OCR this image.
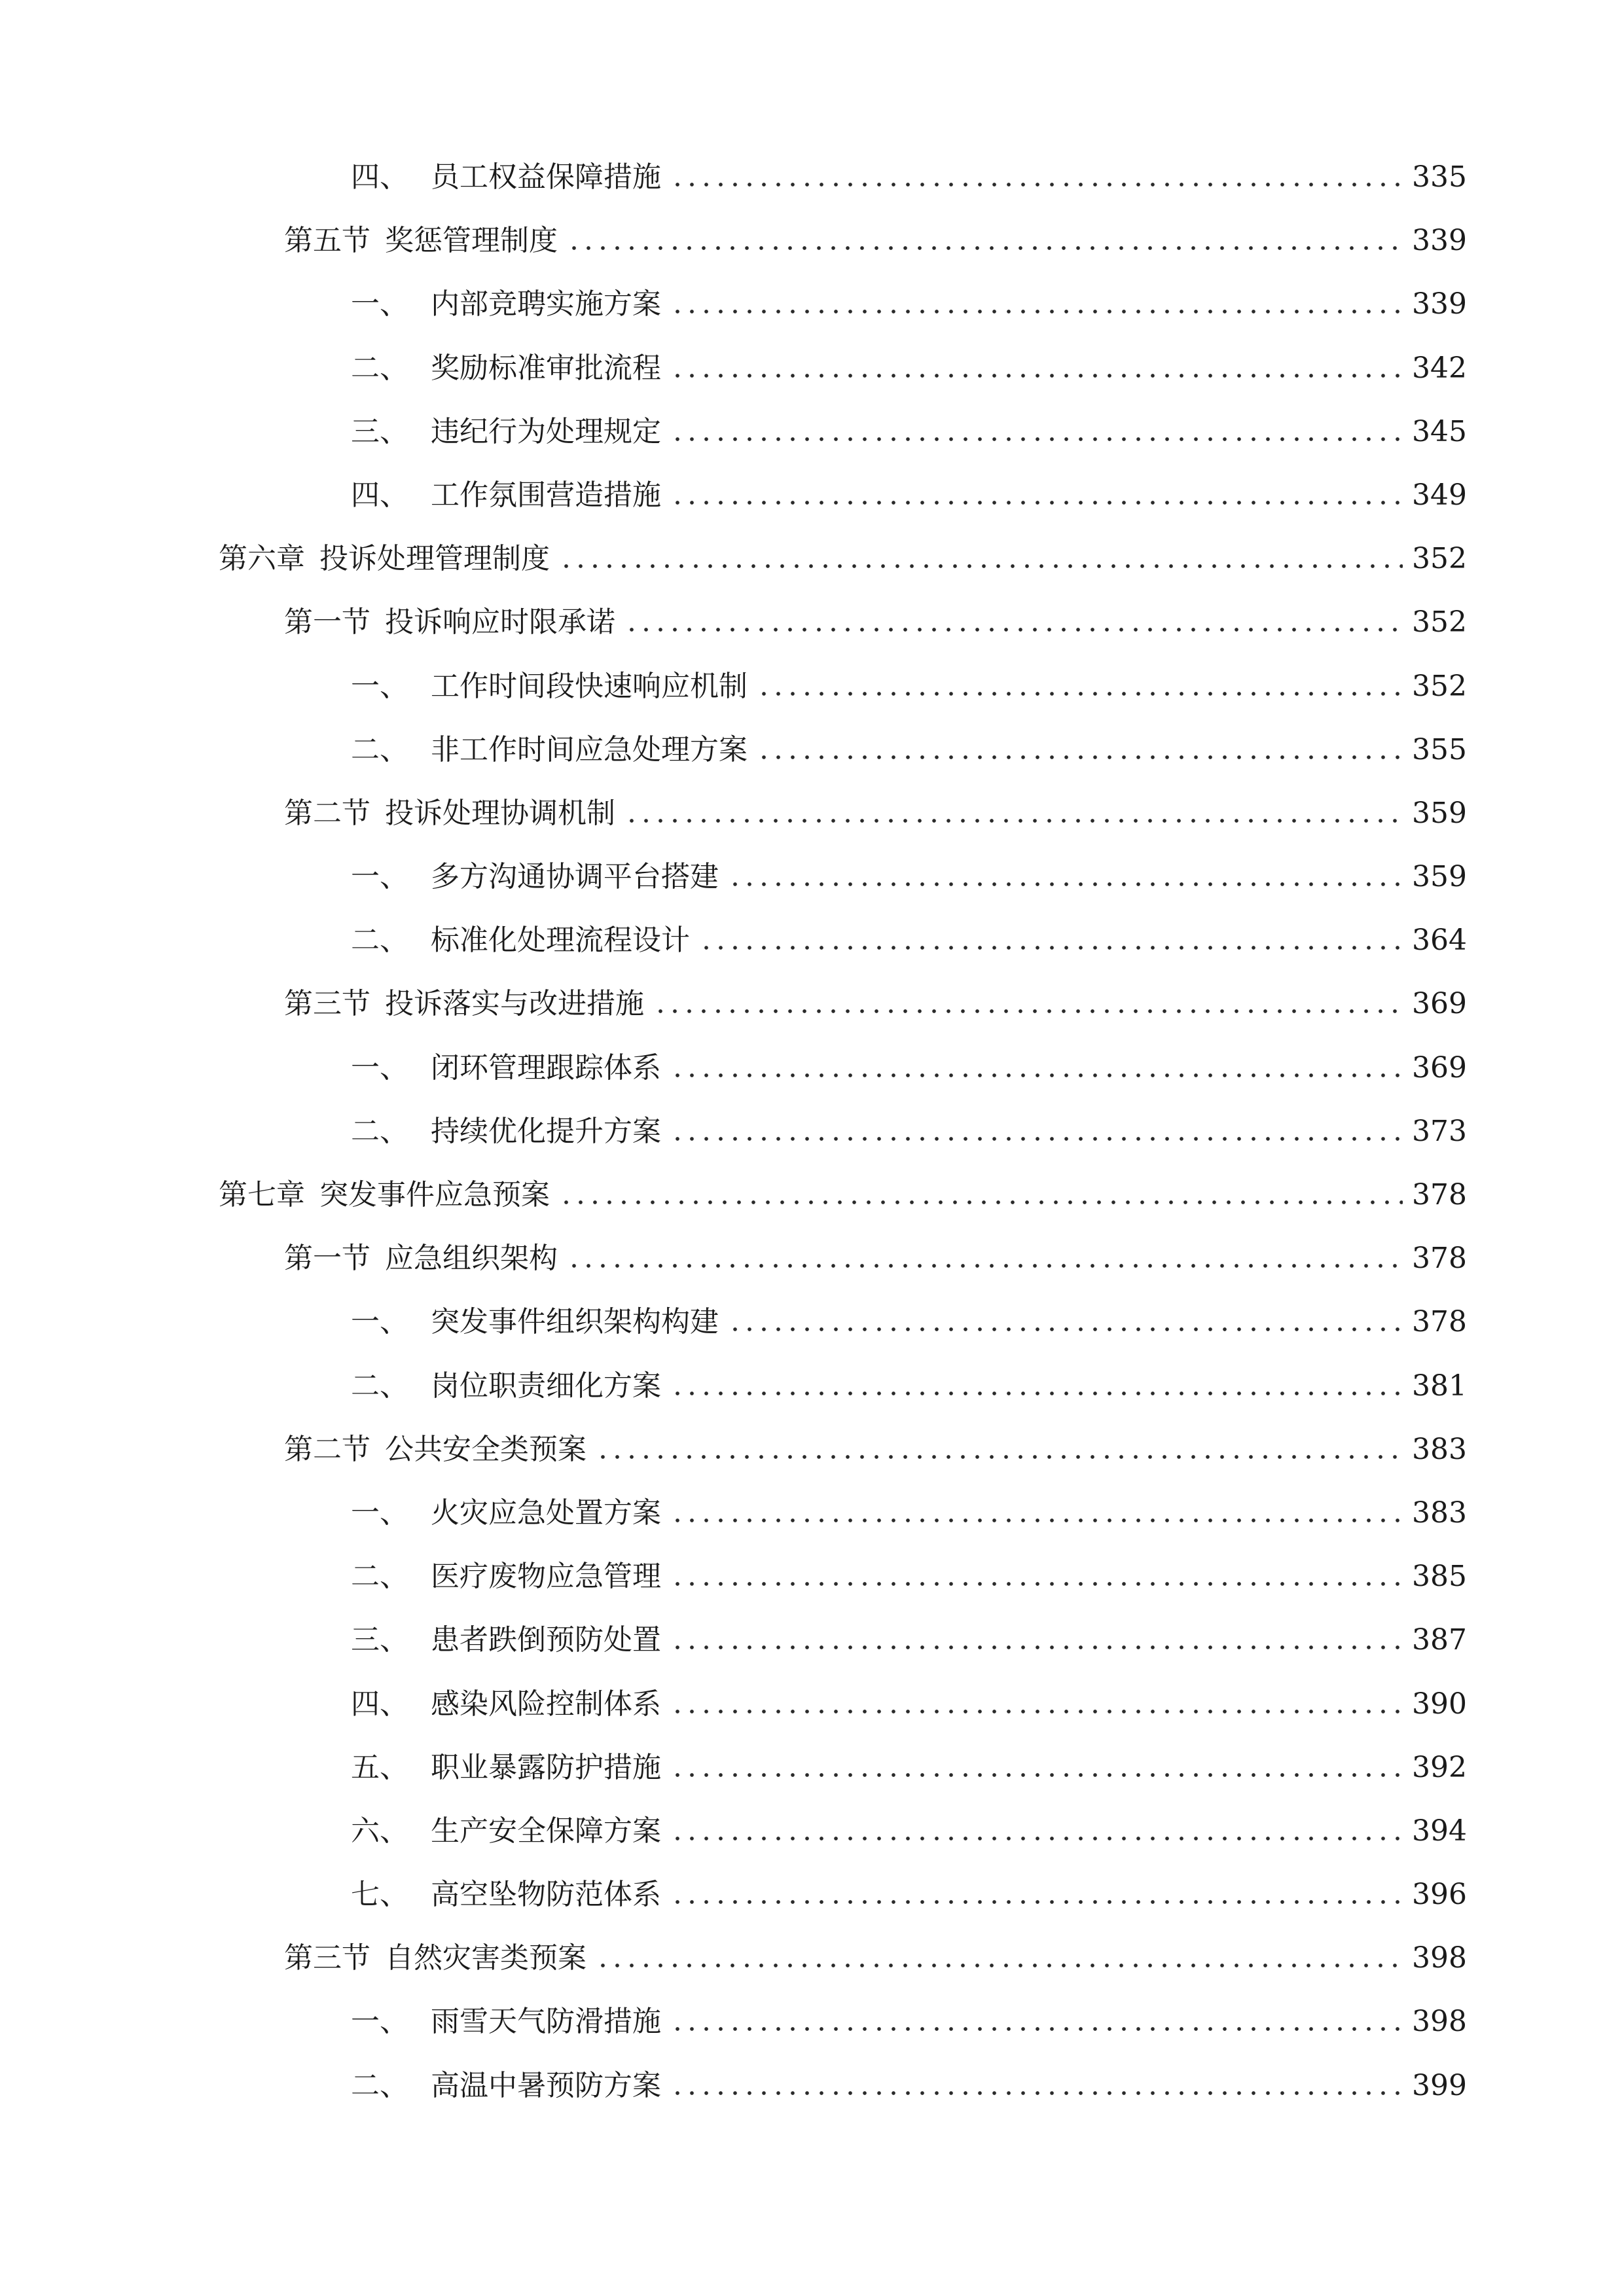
四、 员工权益保障措施	335
第五节 奖惩管理制度	339
一、 内部竞聘实施方案	339
二、 奖励标准审批流程	342
三、 违纪行为处理规定	345
四、 工作氛围营造措施	349
第六章 投诉处理管理制度	352
第一节 投诉响应时限承诺	352
一、 工作时间段快速响应机制	352
二、 非工作时间应急处理方案	355
第二节 投诉处理协调机制	359
一、 多方沟通协调平台搭建	359
二、 标准化处理流程设计	364
第三节 投诉落实与改进措施	369
一、 闭环管理跟踪体系	369
二、 持续优化提升方案	373
第七章 突发事件应急预案	378
第一节 应急组织架构	378
一、 突发事件组织架构构建	378
二、 岗位职责细化方案	381
第二节 公共安全类预案	383
一、 火灾应急处置方案	383
二、 医疗废物应急管理	385
三、 患者跌倒预防处置	387
四、 感染风险控制体系	390
五、 职业暴露防护措施	392
六、 生产安全保障方案	394
七、 高空坠物防范体系	396
第三节 自然灾害类预案	398
一、 雨雪天气防滑措施	398
二、 高温中暑预防方案	399
